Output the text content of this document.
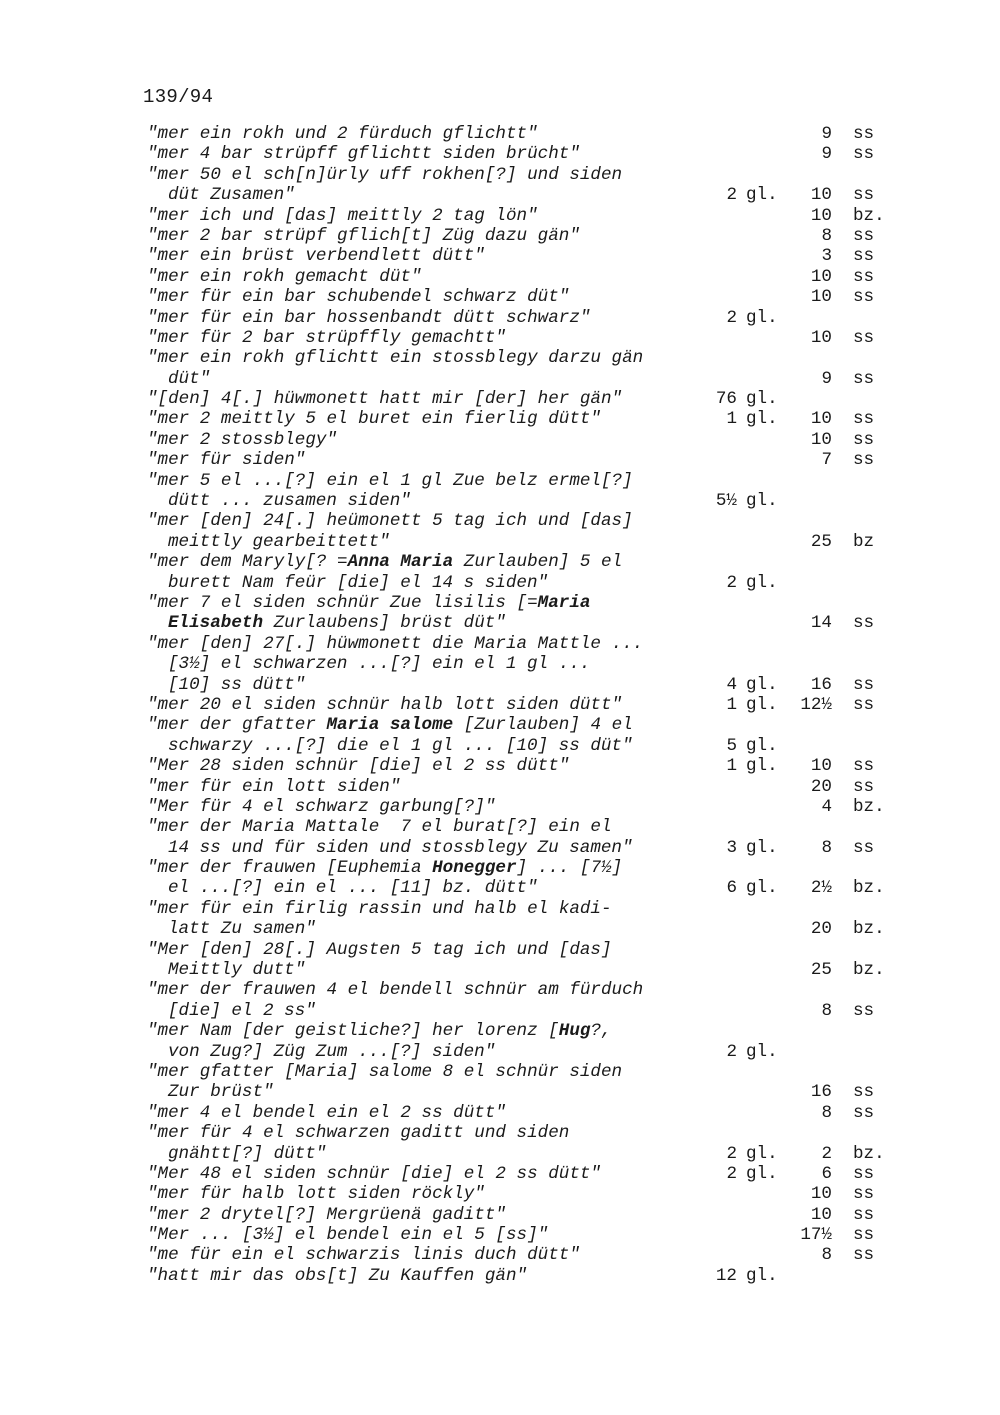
139/94
"mer ein rokh und 2 fürduch gflichtt"	9 ss
"mer 4 bar strüpff gflichtt siden brücht"	9 ss
"mer 50 el sch[n]ürly uff rokhen[?] und siden
düt Zusamen"	2 gl. 10 ss
"mer ich und [das] meittly 2 tag lön"	10 bz.
"mer 2 bar strüpf gflich[t] Züg dazu gän"	8 ss
"mer ein brüst verbendlett dütt"	3 ss
"mer ein rokh gemacht düt"	10 ss
"mer für ein bar schubendel schwarz düt"	10 ss
"mer für ein bar hossenbandt dütt schwarz"	2 gl.
"mer für 2 bar strüpffly gemachtt"	10 ss
"mer ein rokh gflichtt ein stossblegy darzu gän
düt"	9 ss
"[den] 4[.] hüwmonett hatt mir [der] her gän"	76 gl.
"mer 2 meittly 5 el buret ein fierlig dütt"	1 gl. 10 ss
"mer 2 stossblegy"	10 ss
"mer für siden"	7 ss
"mer 5 el ...[?] ein el 1 gl Zue belz ermel[?]
dütt ... zusamen siden"	5½ gl.
"mer [den] 24[.] heümonett 5 tag ich und [das]
meittly gearbeittett"	25 bz
"mer dem Maryly[? =Anna Maria Zurlauben] 5 el
burett Nam feür [die] el 14 s siden"	2 gl.
"mer 7 el siden schnür Zue lisilis [=Maria
Elisabeth Zurlaubens] brüst düt"	14 ss
"mer [den] 27[.] hüwmonett die Maria Mattle ...
[3½] el schwarzen ...[?] ein el 1 gl ...
[10] ss dütt"	4 gl. 16 ss
"mer 20 el siden schnür halb lott siden dütt"	1 gl. 12½ ss
"mer der gfatter Maria salome [Zurlauben] 4 el
schwarzy ...[?] die el 1 gl ... [10] ss düt"	5 gl.
"Mer 28 siden schnür [die] el 2 ss dütt"	1 gl. 10 ss
"mer für ein lott siden"	20 ss
"Mer für 4 el schwarz garbung[?]"	4 bz.
"mer der Maria Mattale  7 el burat[?] ein el
14 ss und für siden und stossblegy Zu samen"	3 gl. 8 ss
"mer der frauwen [Euphemia Honegger] ... [7½]
el ...[?] ein el ... [11] bz. dütt"	6 gl. 2½ bz.
"mer für ein firlig rassin und halb el kadi-
latt Zu samen"	20 bz.
"Mer [den] 28[.] Augsten 5 tag ich und [das]
Meittly dutt"	25 bz.
"mer der frauwen 4 el bendell schnür am fürduch
[die] el 2 ss"	8 ss
"mer Nam [der geistliche?] her lorenz [Hug?,
von Zug?] Züg Zum ...[?] siden"	2 gl.
"mer gfatter [Maria] salome 8 el schnür siden
Zur brüst"	16 ss
"mer 4 el bendel ein el 2 ss dütt"	8 ss
"mer für 4 el schwarzen gaditt und siden
gnähtt[?] dütt"	2 gl. 2 bz.
"Mer 48 el siden schnür [die] el 2 ss dütt"	2 gl. 6 ss
"mer für halb lott siden röckly"	10 ss
"mer 2 drytel[?] Mergrüenä gaditt"	10 ss
"Mer ... [3½] el bendel ein el 5 [ss]"	17½ ss
"me für ein el schwarzis linis duch dütt"	8 ss
"hatt mir das obs[t] Zu Kauffen gän"	12 gl.
